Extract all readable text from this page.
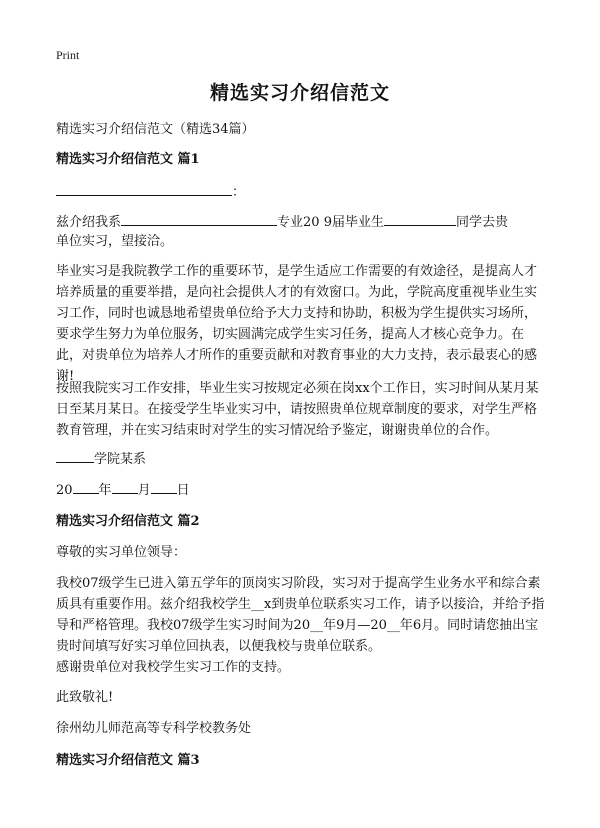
Print
精选实习介绍信范文

精选实习介绍信范文（精选34篇）

精选实习介绍信范文 篇1

：

兹介绍我系	专业20 9届毕业生	同学去贵

单位实习，望接洽。

毕业实习是我院教学工作的重要环节，是学生适应工作需要的有效途径，是提高人才培养质量的重要举措，是向社会提供人才的有效窗口。为此，学院高度重视毕业生实习工作，同时也诚恳地希望贵单位给予大力支持和协助，积极为学生提供实习场所，要求学生努力为单位服务，切实圆满完成学生实习任务，提高人才核心竞争力。在此，对贵单位为培养人才所作的重要贡献和对教育事业的大力支持，表示最衷心的感谢!

按照我院实习工作安排，毕业生实习按规定必须在岗xx个工作日，实习时间从某月某日至某月某日。在接受学生毕业实习中，请按照贵单位规章制度的要求，对学生严格教育管理，并在实习结束时对学生的实习情况给予鉴定，谢谢贵单位的合作。

学院某系

20 年 月 日

精选实习介绍信范文 篇2

尊敬的实习单位领导：

我校07级学生已进入第五学年的顶岗实习阶段，实习对于提高学生业务水平和综合素质具有重要作用。兹介绍我校学生__x到贵单位联系实习工作，请予以接洽，并给予指导和严格管理。我校07级学生实习时间为20__年9月—20__年6月。同时请您抽出宝贵时间填写好实习单位回执表，以便我校与贵单位联系。

感谢贵单位对我校学生实习工作的支持。

此致敬礼!

徐州幼儿师范高等专科学校教务处

精选实习介绍信范文 篇3
